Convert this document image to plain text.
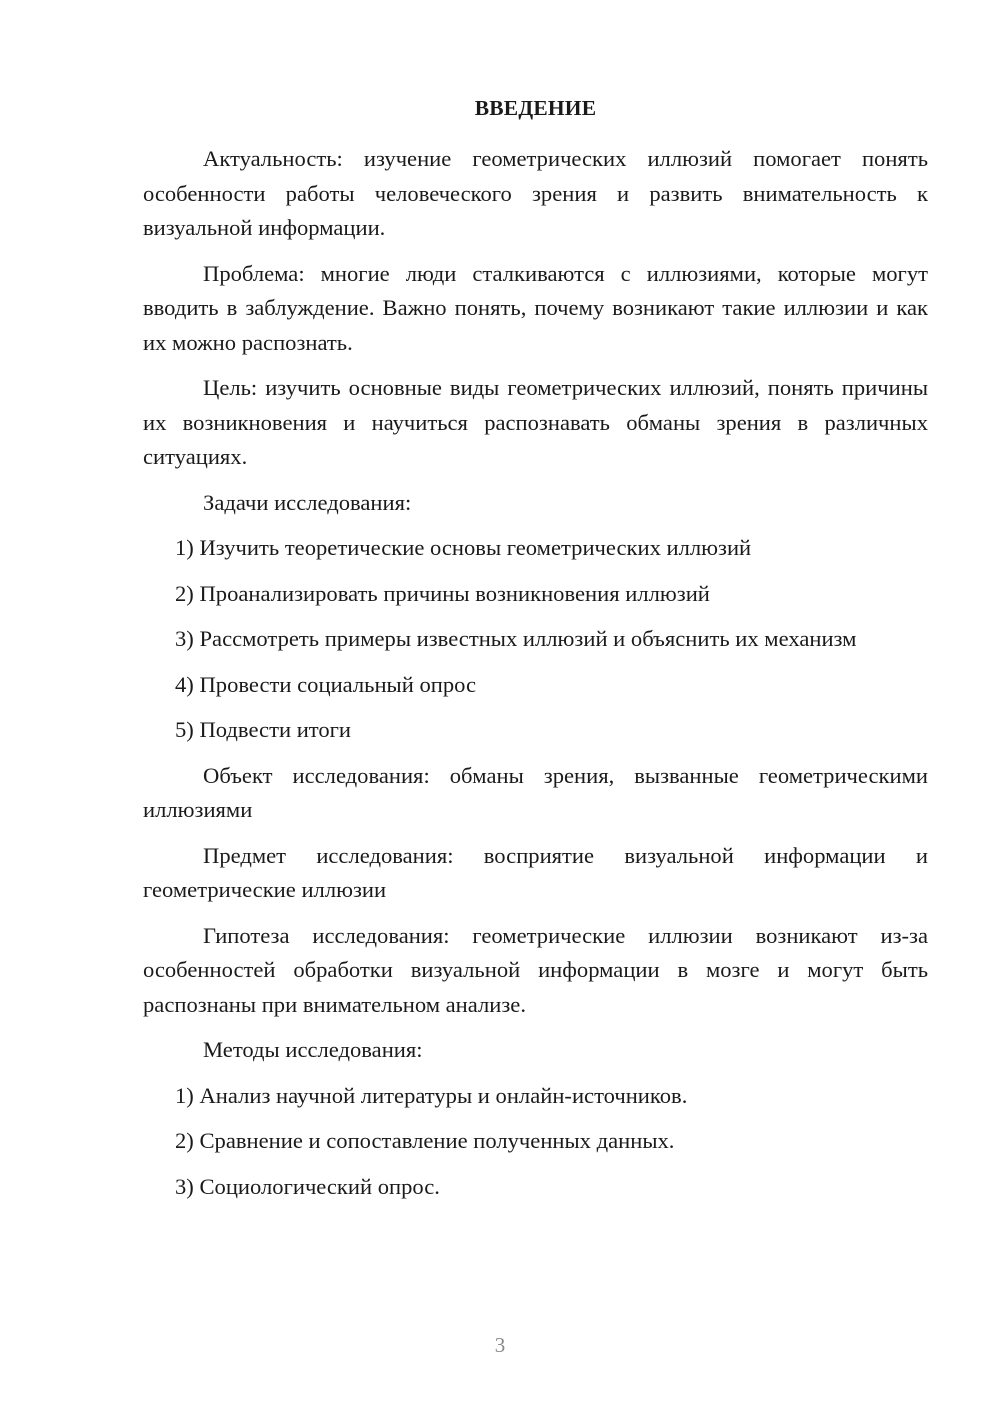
ВВЕДЕНИЕ

Актуальность: изучение геометрических иллюзий помогает понять особенности работы человеческого зрения и развить внимательность к визуальной информации.

Проблема: многие люди сталкиваются с иллюзиями, которые могут вводить в заблуждение. Важно понять, почему возникают такие иллюзии и как их можно распознать.

Цель: изучить основные виды геометрических иллюзий, понять причины их возникновения и научиться распознавать обманы зрения в различных ситуациях.

Задачи исследования:

1) Изучить теоретические основы геометрических иллюзий
2) Проанализировать причины возникновения иллюзий
3) Рассмотреть примеры известных иллюзий и объяснить их механизм
4) Провести социальный опрос
5) Подвести итоги

Объект исследования: обманы зрения, вызванные геометрическими иллюзиями

Предмет исследования: восприятие визуальной информации и геометрические иллюзии

Гипотеза исследования: геометрические иллюзии возникают из-за особенностей обработки визуальной информации в мозге и могут быть распознаны при внимательном анализе.

Методы исследования:

1) Анализ научной литературы и онлайн-источников.
2) Сравнение и сопоставление полученных данных.
3) Социологический опрос.
3
